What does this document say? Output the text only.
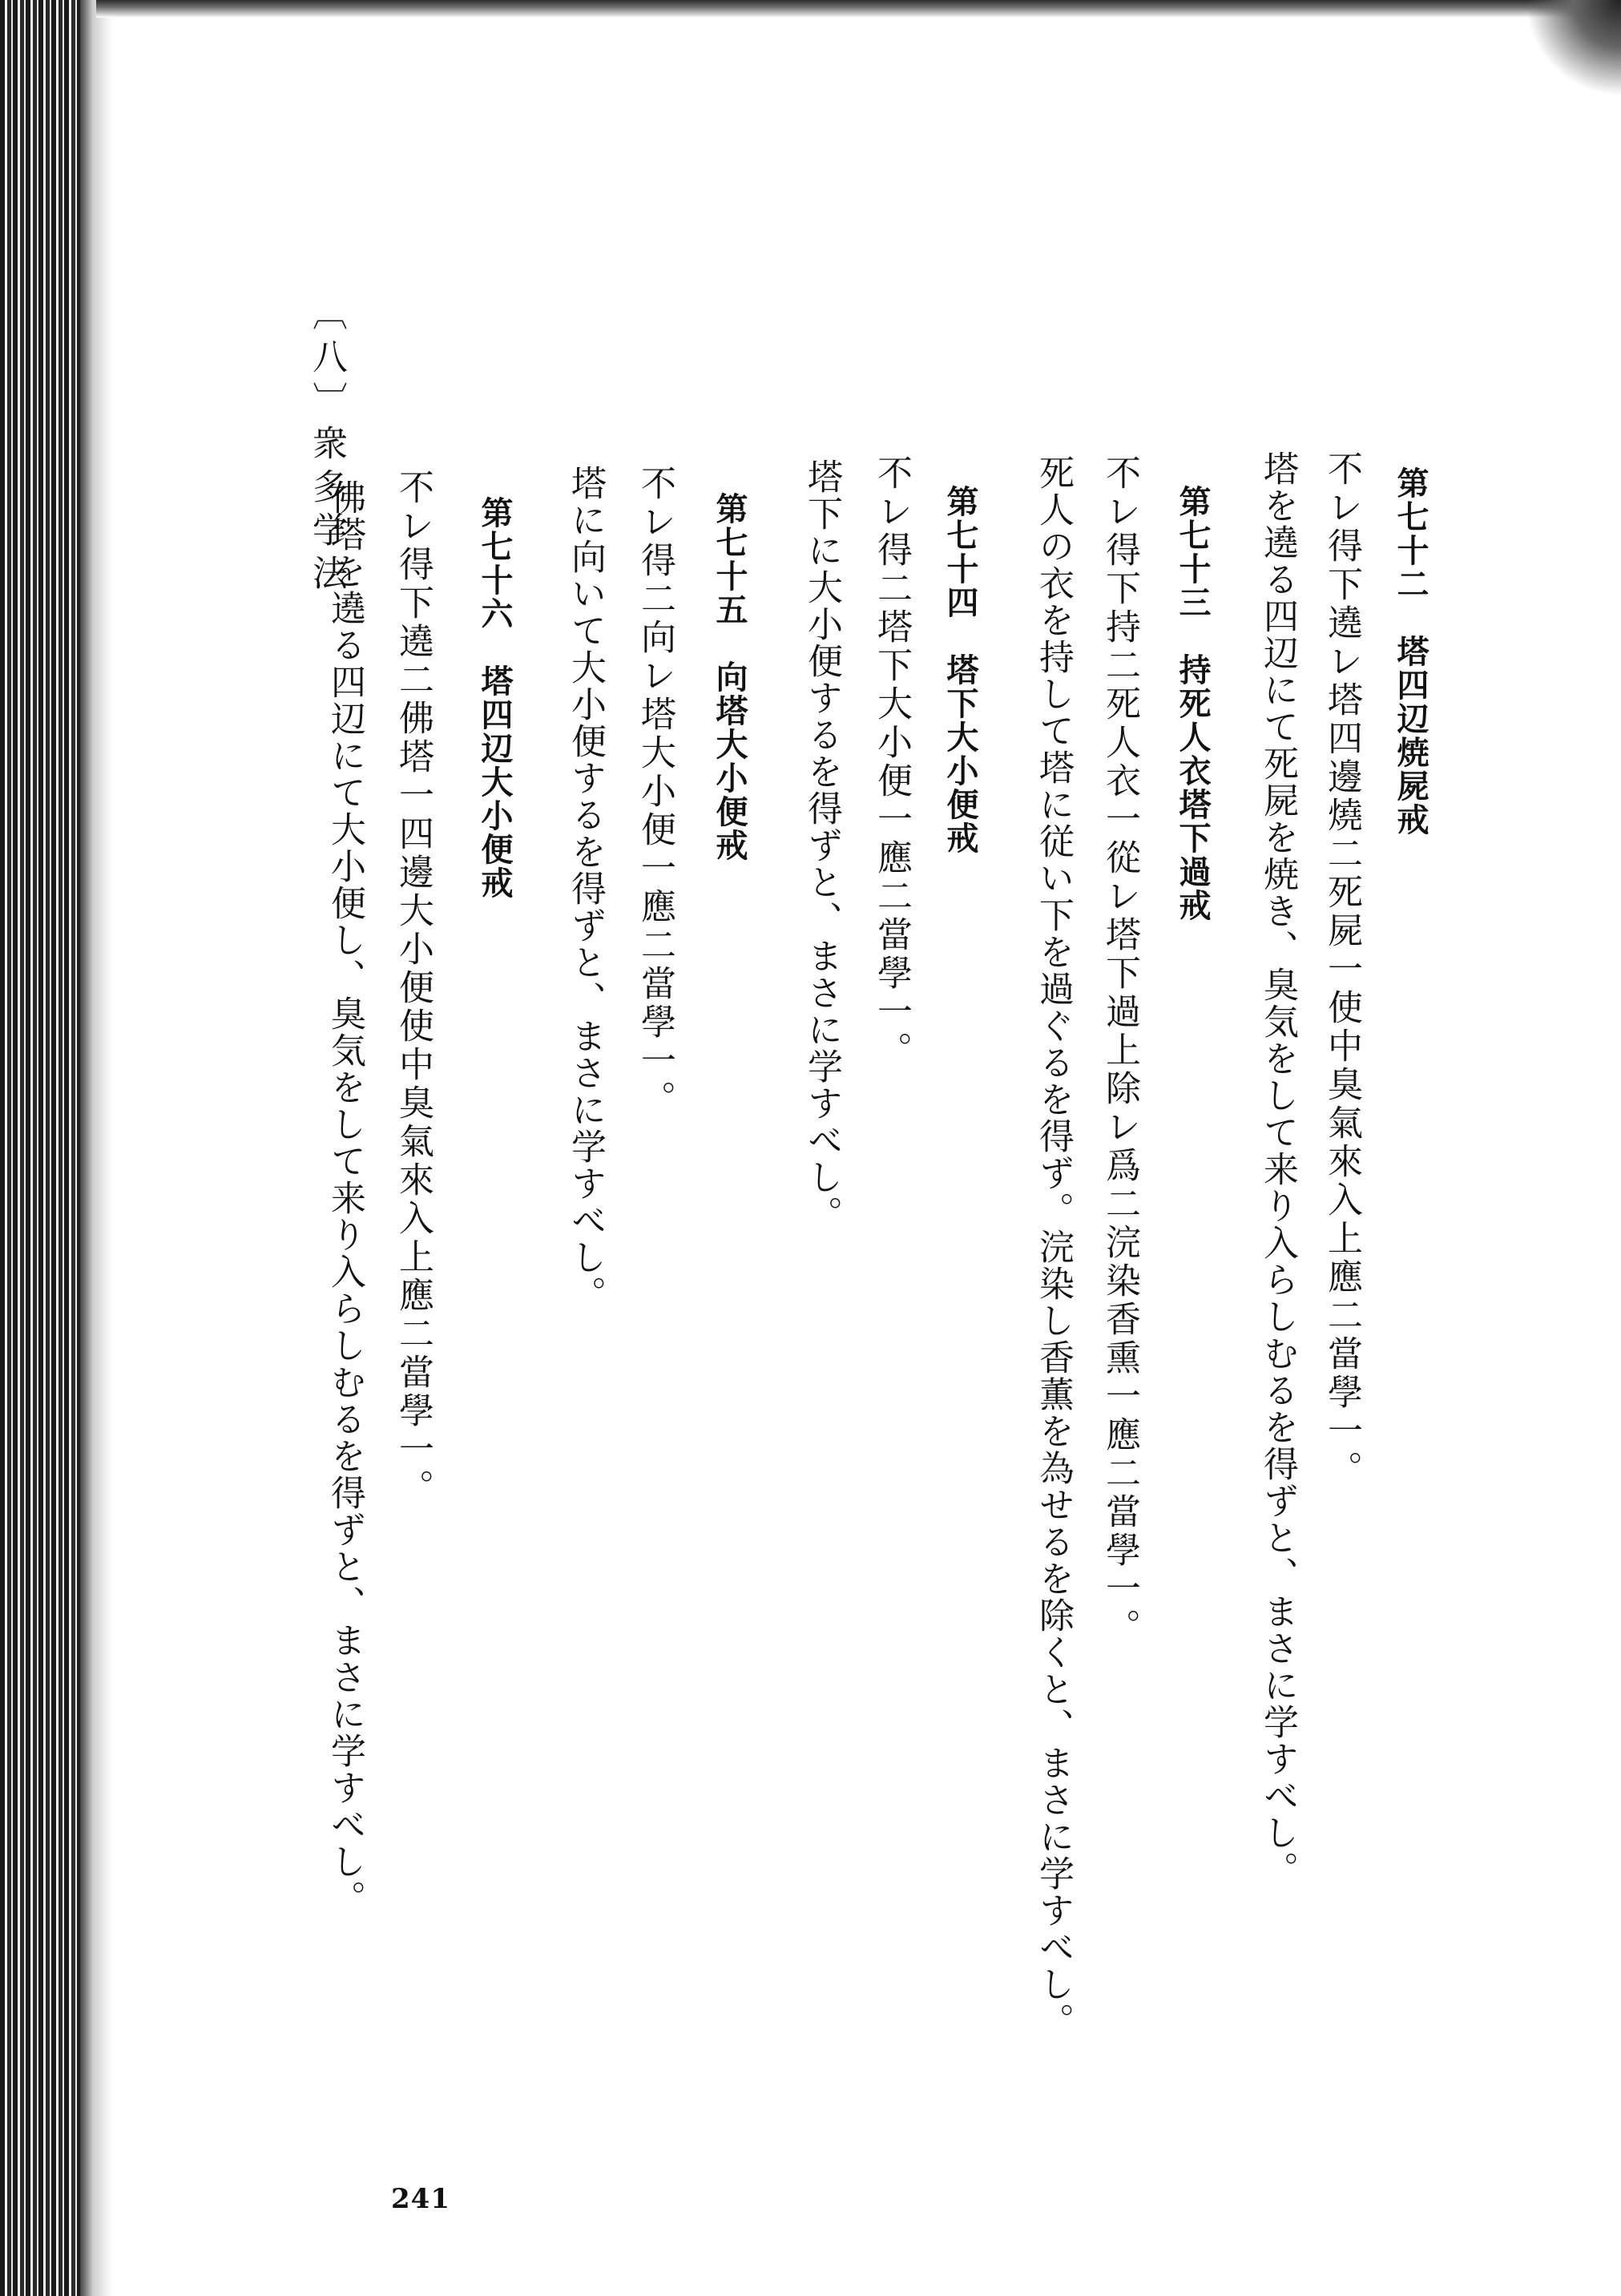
〔八〕衆多学法
第七十二　塔四辺焼屍戒
不レ得下遶レ塔四邊燒二死屍一使中臭氣來入上應二當學一。
塔を遶る四辺にて死屍を焼き、臭気をして来り入らしむるを得ずと、まさに学すべし。
第七十三　持死人衣塔下過戒
不レ得下持二死人衣一從レ塔下過上除レ爲二浣染香熏一應二當學一。
死人の衣を持して塔に従い下を過ぐるを得ず。浣染し香薫を為せるを除くと、まさに学すべし。
第七十四　塔下大小便戒
不レ得二塔下大小便一應二當學一。
塔下に大小便するを得ずと、まさに学すべし。
第七十五　向塔大小便戒
不レ得二向レ塔大小便一應二當學一。
塔に向いて大小便するを得ずと、まさに学すべし。
第七十六　塔四辺大小便戒
不レ得下遶二佛塔一四邊大小便使中臭氣來入上應二當學一。
佛塔を遶る四辺にて大小便し、臭気をして来り入らしむるを得ずと、まさに学すべし。
241
